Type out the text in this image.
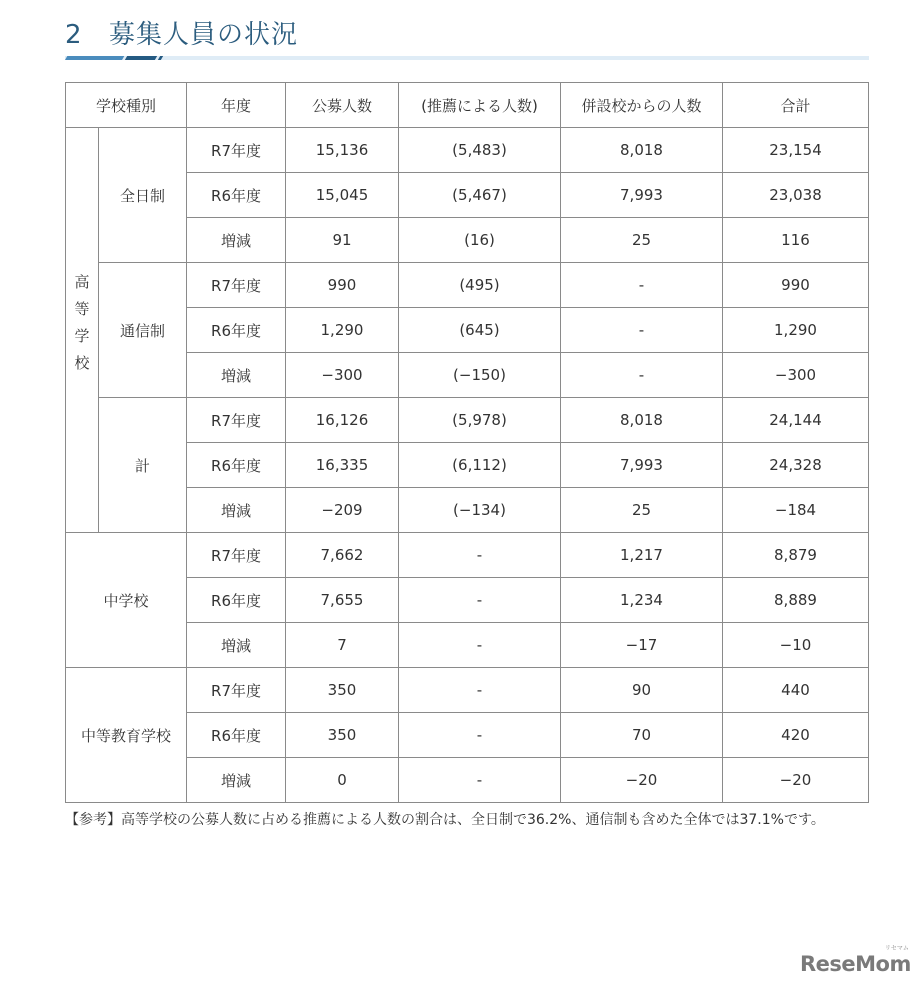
2 募集人員の状況
学校種別		年度	公募人数	(推薦による人数)	併設校からの人数	合計
高等学校	全日制	R7年度	15,136	(5,483)	8,018	23,154
		R6年度	15,045	(5,467)	7,993	23,038
		増減	91	(16)	25	116
	通信制	R7年度	990	(495)	-	990
		R6年度	1,290	(645)	-	1,290
		増減	−300	(−150)	-	−300
	計	R7年度	16,126	(5,978)	8,018	24,144
		R6年度	16,335	(6,112)	7,993	24,328
		増減	−209	(−134)	25	−184
中学校		R7年度	7,662	-	1,217	8,879
		R6年度	7,655	-	1,234	8,889
		増減	7	-	−17	−10
中等教育学校		R7年度	350	-	90	440
		R6年度	350	-	70	420
		増減	0	-	−20	−20

【参考】高等学校の公募人数に占める推薦による人数の割合は、全日制で36.2%、通信制も含めた全体では37.1%です。

ReseMom
リセマム
